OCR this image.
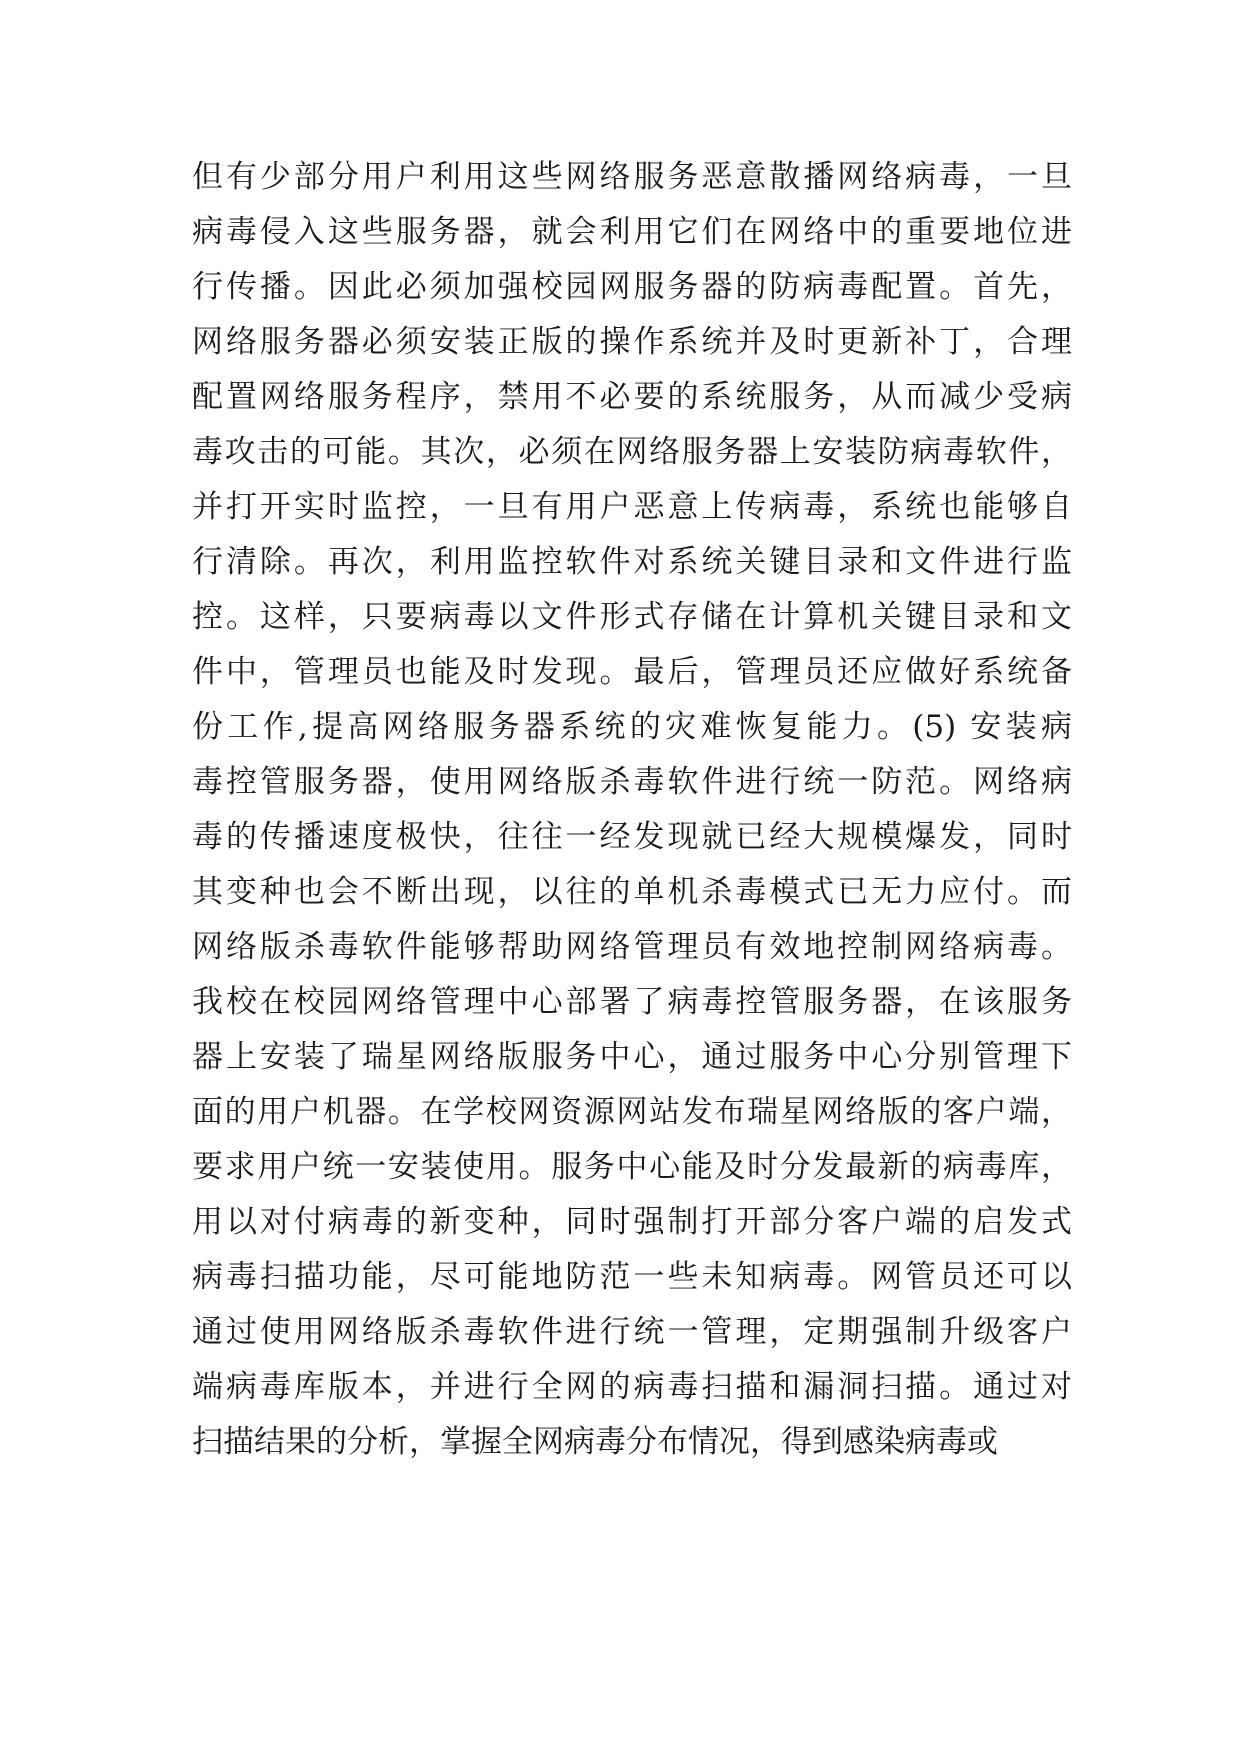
但有少部分用户利用这些网络服务恶意散播网络病毒，一旦
病毒侵入这些服务器，就会利用它们在网络中的重要地位进
行传播。因此必须加强校园网服务器的防病毒配置。首先，
网络服务器必须安装正版的操作系统并及时更新补丁，合理
配置网络服务程序，禁用不必要的系统服务，从而减少受病
毒攻击的可能。其次，必须在网络服务器上安装防病毒软件，
并打开实时监控，一旦有用户恶意上传病毒，系统也能够自
行清除。再次，利用监控软件对系统关键目录和文件进行监
控。这样，只要病毒以文件形式存储在计算机关键目录和文
件中，管理员也能及时发现。最后，管理员还应做好系统备
份工作,提高网络服务器系统的灾难恢复能力。(5) 安装病
毒控管服务器，使用网络版杀毒软件进行统一防范。网络病
毒的传播速度极快，往往一经发现就已经大规模爆发，同时
其变种也会不断出现，以往的单机杀毒模式已无力应付。而
网络版杀毒软件能够帮助网络管理员有效地控制网络病毒。
我校在校园网络管理中心部署了病毒控管服务器，在该服务
器上安装了瑞星网络版服务中心，通过服务中心分别管理下
面的用户机器。在学校网资源网站发布瑞星网络版的客户端，
要求用户统一安装使用。服务中心能及时分发最新的病毒库，
用以对付病毒的新变种，同时强制打开部分客户端的启发式
病毒扫描功能，尽可能地防范一些未知病毒。网管员还可以
通过使用网络版杀毒软件进行统一管理，定期强制升级客户
端病毒库版本，并进行全网的病毒扫描和漏洞扫描。通过对
扫描结果的分析，掌握全网病毒分布情况，得到感染病毒或
